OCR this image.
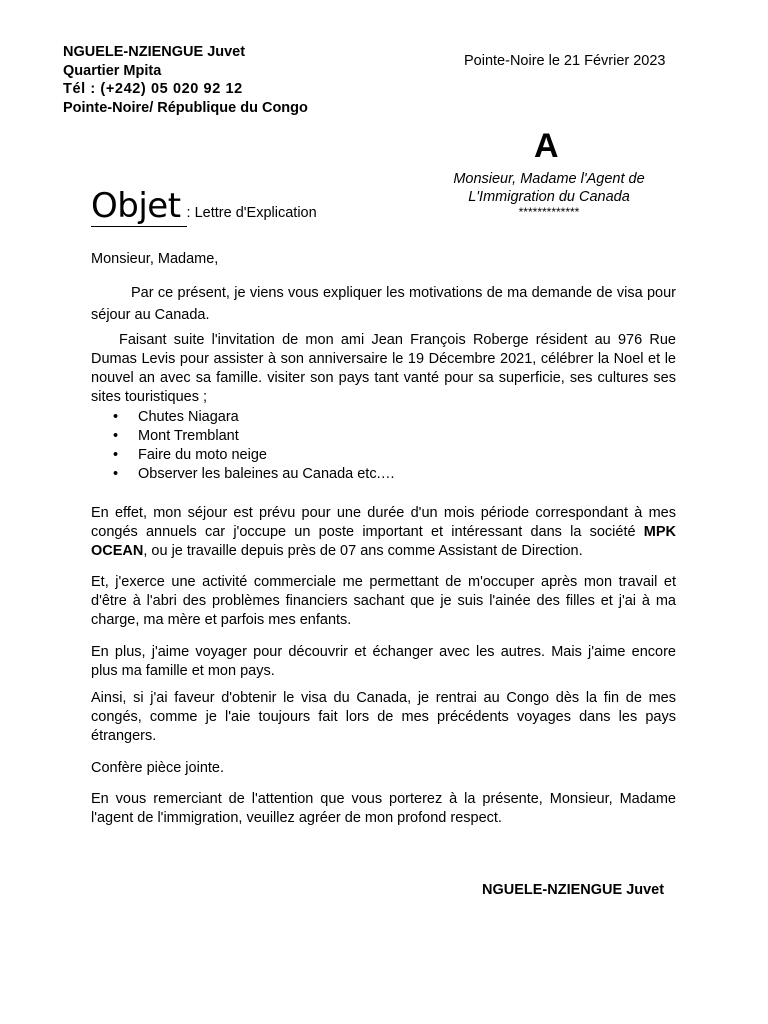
NGUELE-NZIENGUE Juvet
Quartier Mpita
Tél : (+242) 05 020 92 12
Pointe-Noire/ République du Congo
Pointe-Noire le 21 Février 2023
A
Monsieur, Madame l'Agent de
L'Immigration du Canada
*************
Objet : Lettre d'Explication
Monsieur, Madame,
Par ce présent, je viens vous expliquer les motivations de ma demande de visa pour séjour au Canada.
Faisant suite l'invitation de mon ami Jean François Roberge résident au 976 Rue Dumas Levis pour assister à son anniversaire le 19 Décembre 2021, célébrer la Noel et le nouvel an avec sa famille. visiter son pays tant vanté pour sa superficie, ses cultures ses sites touristiques ;
• Chutes Niagara
• Mont Tremblant
• Faire du moto neige
• Observer les baleines au Canada etc.…
En effet, mon séjour est prévu pour une durée d'un mois période correspondant à mes congés annuels car j'occupe un poste important et intéressant dans la société MPK OCEAN, ou je travaille depuis près de 07 ans comme Assistant de Direction.
Et, j'exerce une activité commerciale me permettant de m'occuper après mon travail et d'être à l'abri des problèmes financiers sachant que je suis l'ainée des filles et j'ai à ma charge, ma mère et parfois mes enfants.
En plus, j'aime voyager pour découvrir et échanger avec les autres. Mais j'aime encore plus ma famille et mon pays.
Ainsi, si j'ai faveur d'obtenir le visa du Canada, je rentrai au Congo dès la fin de mes congés, comme je l'aie toujours fait lors de mes précédents voyages dans les pays étrangers.
Confère pièce jointe.
En vous remerciant de l'attention que vous porterez à la présente, Monsieur, Madame l'agent de l'immigration, veuillez agréer de mon profond respect.
NGUELE-NZIENGUE Juvet
